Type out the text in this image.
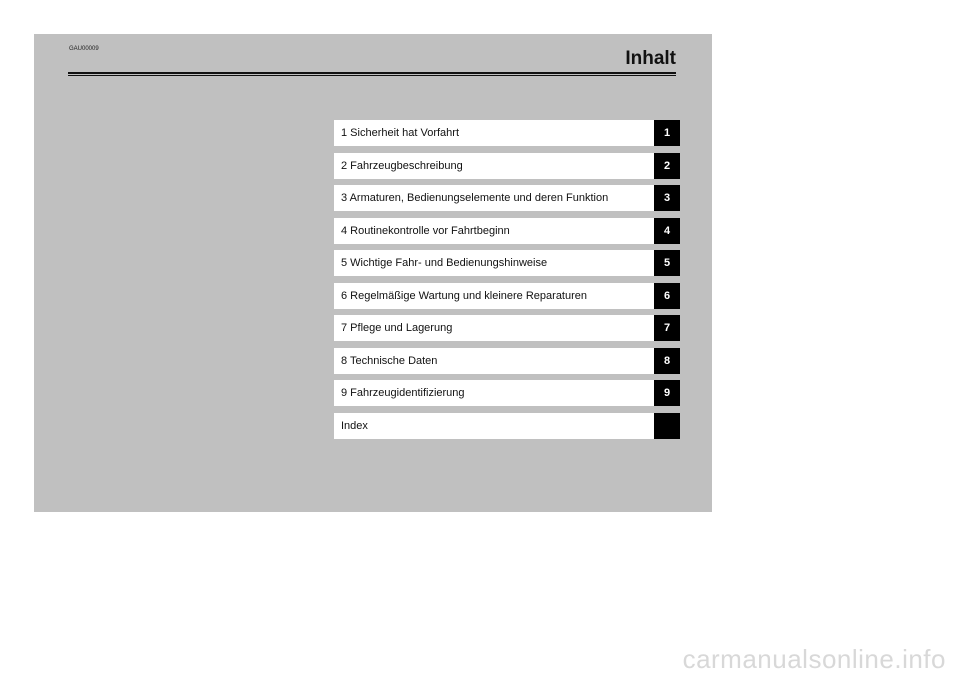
GAU00009	Inhalt
1 Sicherheit hat Vorfahrt
2 Fahrzeugbeschreibung
3 Armaturen, Bedienungselemente und deren Funktion
4 Routinekontrolle vor Fahrtbeginn
5 Wichtige Fahr- und Bedienungshinweise
6 Regelmäßige Wartung und kleinere Reparaturen
7 Pflege und Lagerung
8 Technische Daten
9 Fahrzeugidentifizierung
Index
1
2
3
4
5
6
7
8
9
carmanualsonline.info
